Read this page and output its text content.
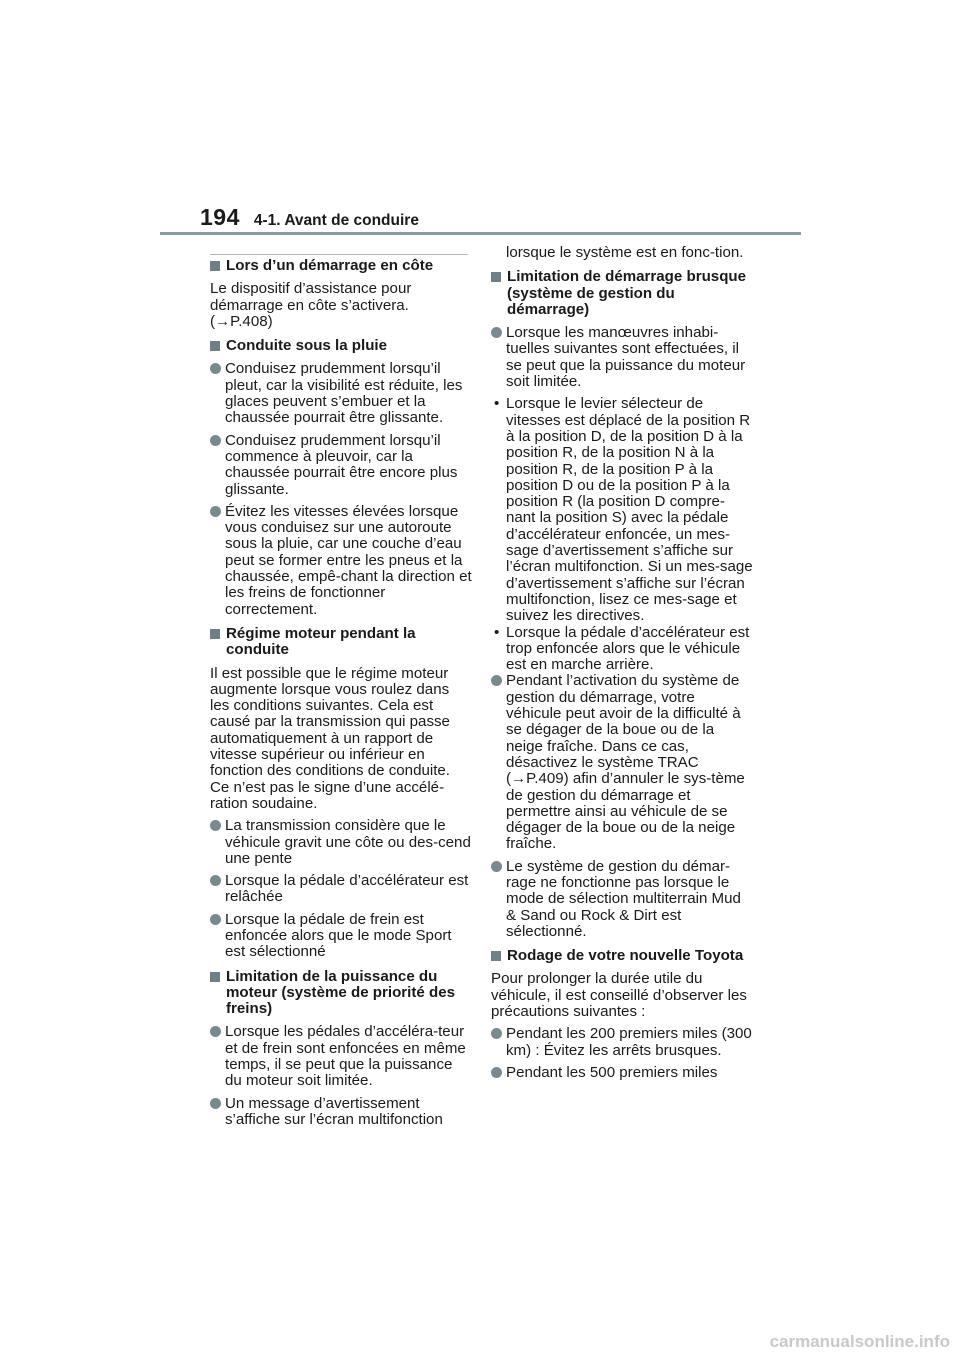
194 4-1. Avant de conduire
Lors d’un démarrage en côte
Le dispositif d’assistance pour démarrage en côte s’activera. (→P.408)
Conduite sous la pluie
Conduisez prudemment lorsqu’il pleut, car la visibilité est réduite, les glaces peuvent s’embuer et la chaussée pourrait être glissante.
Conduisez prudemment lorsqu’il commence à pleuvoir, car la chaussée pourrait être encore plus glissante.
Évitez les vitesses élevées lorsque vous conduisez sur une autoroute sous la pluie, car une couche d’eau peut se former entre les pneus et la chaussée, empê-chant la direction et les freins de fonctionner correctement.
Régime moteur pendant la conduite
Il est possible que le régime moteur augmente lorsque vous roulez dans les conditions suivantes. Cela est causé par la transmission qui passe automatiquement à un rapport de vitesse supérieur ou inférieur en fonction des conditions de conduite. Ce n’est pas le signe d’une accélé-ration soudaine.
La transmission considère que le véhicule gravit une côte ou des-cend une pente
Lorsque la pédale d’accélérateur est relâchée
Lorsque la pédale de frein est enfoncée alors que le mode Sport est sélectionné
Limitation de la puissance du moteur (système de priorité des freins)
Lorsque les pédales d’accéléra-teur et de frein sont enfoncées en même temps, il se peut que la puissance du moteur soit limitée.
Un message d’avertissement s’affiche sur l’écran multifonction
lorsque le système est en fonc-tion.
Limitation de démarrage brusque (système de gestion du démarrage)
Lorsque les manœuvres inhabi-tuelles suivantes sont effectuées, il se peut que la puissance du moteur soit limitée.
• Lorsque le levier sélecteur de vitesses est déplacé de la position R à la position D, de la position D à la position R, de la position N à la position R, de la position P à la position D ou de la position P à la position R (la position D compre-nant la position S) avec la pédale d’accélérateur enfoncée, un mes-sage d’avertissement s’affiche sur l’écran multifonction. Si un mes-sage d’avertissement s’affiche sur l’écran multifonction, lisez ce mes-sage et suivez les directives.
• Lorsque la pédale d’accélérateur est trop enfoncée alors que le véhicule est en marche arrière.
Pendant l’activation du système de gestion du démarrage, votre véhicule peut avoir de la difficulté à se dégager de la boue ou de la neige fraîche. Dans ce cas, désactivez le système TRAC (→P.409) afin d’annuler le sys-tème de gestion du démarrage et permettre ainsi au véhicule de se dégager de la boue ou de la neige fraîche.
Le système de gestion du démar-rage ne fonctionne pas lorsque le mode de sélection multiterrain Mud & Sand ou Rock & Dirt est sélectionné.
Rodage de votre nouvelle Toyota
Pour prolonger la durée utile du véhicule, il est conseillé d’observer les précautions suivantes :
Pendant les 200 premiers miles (300 km) : Évitez les arrêts brusques.
Pendant les 500 premiers miles
carmanualsonline.info
